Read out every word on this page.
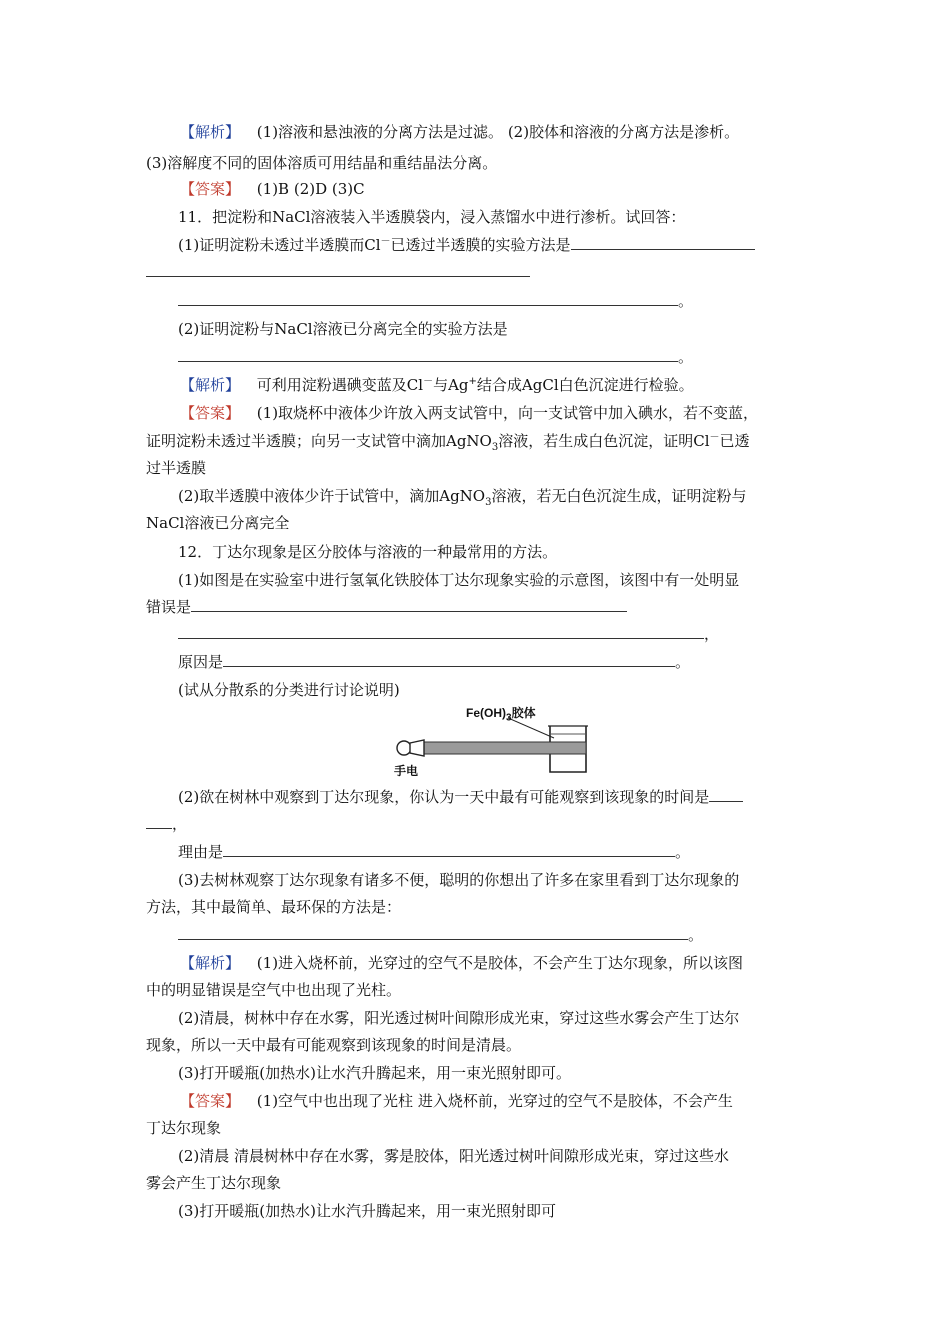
【解析】 (1)溶液和悬浊液的分离方法是过滤。 (2)胶体和溶液的分离方法是渗析。
(3)溶解度不同的固体溶质可用结晶和重结晶法分离。
【答案】 (1)B (2)D (3)C
11．把淀粉和NaCl溶液装入半透膜袋内，浸入蒸馏水中进行渗析。试回答：
(1)证明淀粉未透过半透膜而Cl－已透过半透膜的实验方法是
。
(2)证明淀粉与NaCl溶液已分离完全的实验方法是
。
【解析】 可利用淀粉遇碘变蓝及Cl－与Ag+结合成AgCl白色沉淀进行检验。
【答案】 (1)取烧杯中液体少许放入两支试管中，向一支试管中加入碘水，若不变蓝，
证明淀粉未透过半透膜；向另一支试管中滴加AgNO$_3$溶液，若生成白色沉淀，证明Cl－已透
过半透膜
(2)取半透膜中液体少许于试管中，滴加AgNO$_3$溶液，若无白色沉淀生成，证明淀粉与
NaCl溶液已分离完全
12．丁达尔现象是区分胶体与溶液的一种最常用的方法。
(1)如图是在实验室中进行氢氧化铁胶体丁达尔现象实验的示意图，该图中有一处明显
错误是
，
原因是	。
(试从分散系的分类进行讨论说明)
$Fe(OH)_3$胶体
手电
(2)欲在树林中观察到丁达尔现象，你认为一天中最有可能观察到该现象的时间是
，
理由是	。
(3)去树林观察丁达尔现象有诸多不便，聪明的你想出了许多在家里看到丁达尔现象的
方法，其中最简单、最环保的方法是：
。
【解析】 (1)进入烧杯前，光穿过的空气不是胶体，不会产生丁达尔现象，所以该图
中的明显错误是空气中也出现了光柱。
(2)清晨，树林中存在水雾，阳光透过树叶间隙形成光束，穿过这些水雾会产生丁达尔
现象，所以一天中最有可能观察到该现象的时间是清晨。
(3)打开暖瓶(加热水)让水汽升腾起来，用一束光照射即可。
【答案】 (1)空气中也出现了光柱 进入烧杯前，光穿过的空气不是胶体，不会产生
丁达尔现象
(2)清晨 清晨树林中存在水雾，雾是胶体，阳光透过树叶间隙形成光束，穿过这些水
雾会产生丁达尔现象
(3)打开暖瓶(加热水)让水汽升腾起来，用一束光照射即可
